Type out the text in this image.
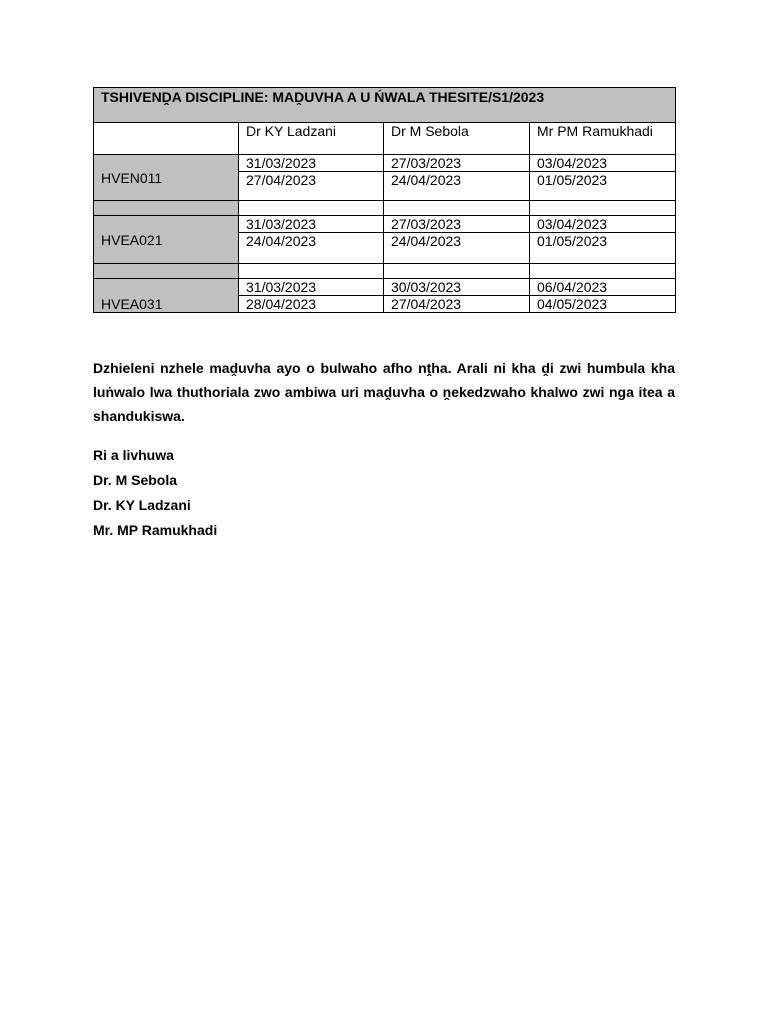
TSHIVENḒA DISCIPLINE: MAḒUVHA A U ŃWALA THESITE/S1/2023			
	Dr KY Ladzani	Dr M Sebola	Mr PM Ramukhadi
HVEN011	31/03/2023	27/03/2023	03/04/2023
	27/04/2023	24/04/2023	01/05/2023

HVEA021	31/03/2023	27/03/2023	03/04/2023
	24/04/2023	24/04/2023	01/05/2023

HVEA031	31/03/2023	30/03/2023	06/04/2023
	28/04/2023	27/04/2023	04/05/2023

Dzhieleni nzhele maḓuvha ayo o bulwaho afho nṱha. Arali ni kha ḓi zwi humbula kha luṅwalo lwa thuthoriala zwo ambiwa uri maḓuvha o ṋekedzwaho khalwo zwi nga itea a shandukiswa.

Ri a livhuwa
Dr. M Sebola
Dr. KY Ladzani
Mr. MP Ramukhadi
